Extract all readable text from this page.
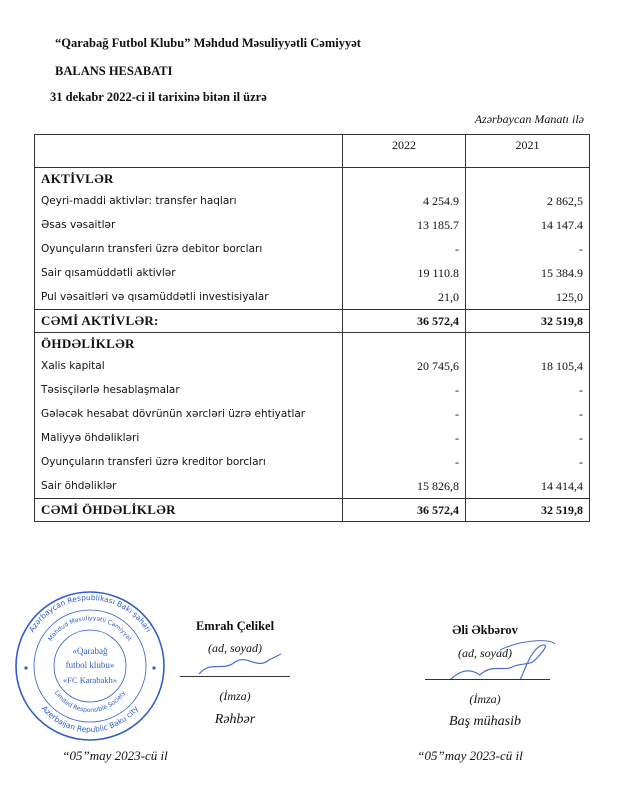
“Qarabağ Futbol Klubu” Məhdud Məsuliyyətli Cəmiyyət
BALANS HESABATI
31 dekabr 2022-ci il tarixinə bitən il üzrə
Azərbaycan Manatı ilə
	2022	2021
AKTİVLƏR		
Qeyri-maddi aktivlər: transfer haqları	4 254.9	2 862,5
Əsas vəsaitlər	13 185.7	14 147.4
Oyunçuların transferi üzrə debitor borcları	-	-
Sair qısamüddətli aktivlər	19 110.8	15 384.9
Pul vəsaitləri və qısamüddətli investisiyalar	21,0	125,0
CƏMİ AKTİVLƏR:	36 572,4	32 519,8
ÖHDƏLİKLƏR		
Xalis kapital	20 745,6	18 105,4
Təsisçilərlə hesablaşmalar	-	-
Gələcək hesabat dövrünün xərcləri üzrə ehtiyatlar	-	-
Maliyyə öhdəlikləri	-	-
Oyunçuların transferi üzrə kreditor borcları	-	-
Sair öhdəliklər	15 826,8	14 414,4
CƏMİ ÖHDƏLİKLƏR	36 572,4	32 519,8
Azərbaycan Respublikası Bakı şəhəri
Azerbaijan Republic Baku city
Məhdud Məsuliyyətli Cəmiyyət
Limited Responsible Society
«Qarabağ
futbol klubu»
«FC Karabakh»
Emrah Çelikel
(ad, soyad)
(İmza)
Rəhbər
“05”may 2023-cü il
Əli Əkbərov
(ad, soyad)
(İmza)
Baş mühasib
“05”may 2023-cü il
